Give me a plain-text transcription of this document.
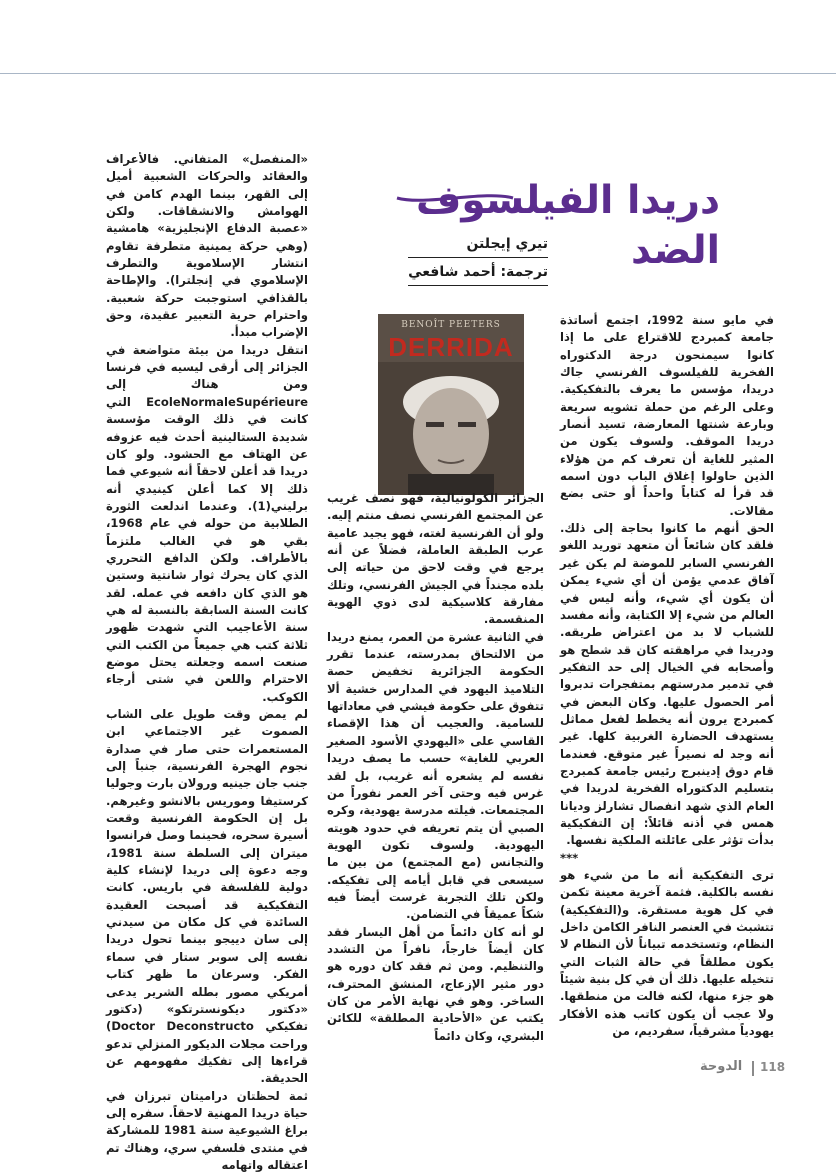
دريدا الفيلسوف الضد
تيري إيجلتن
ترجمة: أحمد شافعي
BENOÎT PEETERS
DERRIDA

في مايو سنة 1992، اجتمع أساتذة جامعة كمبردج للاقتراع على ما إذا كانوا سيمنحون درجة الدكتوراه الفخرية للفيلسوف الفرنسي جاك دريدا، مؤسس ما يعرف بالتفكيكية. وعلى الرغم من حملة تشويه سريعة وبارعة شنتها المعارضة، تسيد أنصار دريدا الموقف. ولسوف يكون من المثير للغاية أن تعرف كم من هؤلاء الذين حاولوا إغلاق الباب دون اسمه قد قرأ له كتاباً واحداً أو حتى بضع مقالات.

الحق أنهم ما كانوا بحاجة إلى ذلك. فلقد كان شائعاً أن متعهد توريد اللغو الفرنسي السابر للموضة لم يكن غير آفاق عدمي يؤمن أن أي شيء يمكن أن يكون أي شيء، وأنه ليس في العالم من شيء إلا الكتابة، وأنه مفسد للشباب لا بد من اعتراض طريقه. ودريدا في مراهقته كان قد شطح هو وأصحابه في الخيال إلى حد التفكير في تدمير مدرستهم بمتفجرات تدبروا أمر الحصول عليها. وكان البعض في كمبردج يرون أنه يخطط لفعل مماثل يستهدف الحضارة الغربية كلها. غير أنه وجد له نصيراً غير متوقع. فعندما قام دوق إدينبرج رئيس جامعة كمبردج بتسليم الدكتوراه الفخرية لدريدا في العام الذي شهد انفصال تشارلز وديانا همس في أذنه قائلاً: إن التفكيكية بدأت تؤثر على عائلته الملكية نفسها.

***

ترى التفكيكية أنه ما من شيء هو نفسه بالكلية. فثمة آخرية معينة تكمن في كل هوية مستقرة. و(التفكيكية) تتشبث في العنصر النافر الكامن داخل النظام، وتستخدمه تبياناً لأن النظام لا يكون مطلقاً في حالة الثبات التي تتخيله عليها. ذلك أن في كل بنية شيئاً هو جزء منها، لكنه فالت من منطقها. ولا عجب أن يكون كاتب هذه الأفكار يهودياً مشرقياً، سفرديم، من

الجزائر الكولونيالية، فهو نصف غريب عن المجتمع الفرنسي نصف منتم إليه. ولو أن الفرنسية لغته، فهو يجيد عامية عرب الطبقة العاملة، فضلاً عن أنه يرجع في وقت لاحق من حياته إلى بلده مجنداً في الجيش الفرنسي، وتلك مفارقة كلاسيكية لدى ذوي الهوية المنقسمة.

في الثانية عشرة من العمر، يمنع دريدا من الالتحاق بمدرسته، عندما تقرر الحكومة الجزائرية تخفيض حصة التلاميذ اليهود في المدارس خشية ألا تتفوق على حكومة فيشي في معاداتها للسامية. والعجيب أن هذا الإقصاء القاسي على «اليهودي الأسود الصغير العربي للغاية» حسب ما يصف دريدا نفسه لم يشعره أنه غريب، بل لقد غرس فيه وحتى آخر العمر نفوراً من المجتمعات. فيلته مدرسة يهودية، وكره الصبي أن يتم تعريفه في حدود هويته اليهودية. ولسوف تكون الهوية والتجانس (مع المجتمع) من بين ما سيسعى في قابل أيامه إلى تفكيكه. ولكن تلك التجربة غرست أيضاً فيه شكاً عميقاً في التضامن.

لو أنه كان دائماً من أهل اليسار فقد كان أيضاً خارجاً، نافراً من التشدد والتنظيم. ومن ثم فقد كان دوره هو دور مثير الإزعاج، المنشق المحترف، الساخر. وهو في نهاية الأمر من كان يكتب عن «الأحادية المطلقة» للكائن البشري، وكان دائماً

«المنفصل» المتفاني. فالأعراف والعقائد والحركات الشعبية أميل إلى القهر، بينما الهدم كامن في الهوامش والانشقاقات. ولكن «عصبة الدفاع الإنجليزية» هامشية (وهي حركة يمينية متطرفة تقاوم انتشار الإسلاموية والتطرف الإسلاموي في إنجلترا). والإطاحة بالقذافي استوجبت حركة شعبية. واحترام حرية التعبير عقيدة، وحق الإضراب مبدأ.

انتقل دريدا من بيئة متواضعة في الجزائر إلى أرقى ليسيه في فرنسا ومن هناك إلى EcoleNormaleSupérieure التي كانت في ذلك الوقت مؤسسة شديدة الستالينية أحدث فيه عزوفه عن الهتاف مع الحشود. ولو كان دريدا قد أعلن لاحقاً أنه شيوعي فما ذلك إلا كما أعلن كينيدي أنه برليني(1). وعندما اندلعت الثورة الطلابية من حوله في عام 1968، بقي هو في الغالب ملتزماً بالأطراف. ولكن الدافع التحرري الذي كان يحرك ثوار شانتية وستين هو الذي كان دافعه في عمله. لقد كانت السنة السابقة بالنسبة له هي سنة الأعاجيب التي شهدت ظهور ثلاثة كتب هي جميعاً من الكتب التي صنعت اسمه وجعلته يحتل موضع الاحترام واللعن في شتى أرجاء الكوكب.

لم يمض وقت طويل على الشاب الصموت غير الاجتماعي ابن المستعمرات حتى صار في صدارة نجوم الهجرة الفرنسية، جنباً إلى جنب جان جينيه ورولان بارت وجوليا كرستيفا وموريس بالانشو وغيرهم. بل إن الحكومة الفرنسية وقعت أسيرة سحره، فحينما وصل فرانسوا ميتران إلى السلطة سنة 1981، وجه دعوة إلى دريدا لإنشاء كلية دولية للفلسفة في باريس. كانت التفكيكية قد أصبحت العقيدة السائدة في كل مكان من سيدني إلى سان دييجو بينما تحول دريدا نفسه إلى سوبر ستار في سماء الفكر. وسرعان ما ظهر كتاب أمريكي مصور بطله الشرير يدعى «دكتور ديكونسترتكو» (دكتور تفكيكي Doctor Deconstructo) وراحت مجلات الديكور المنزلي تدعو قراءها إلى تفكيك مفهومهم عن الحديقة.

ثمة لحظتان دراميتان تبرزان في حياة دريدا المهنية لاحقاً. سفره إلى براغ الشيوعية سنة 1981 للمشاركة في منتدى فلسفي سري، وهناك تم اعتقاله واتهامه

الدوحة 118
